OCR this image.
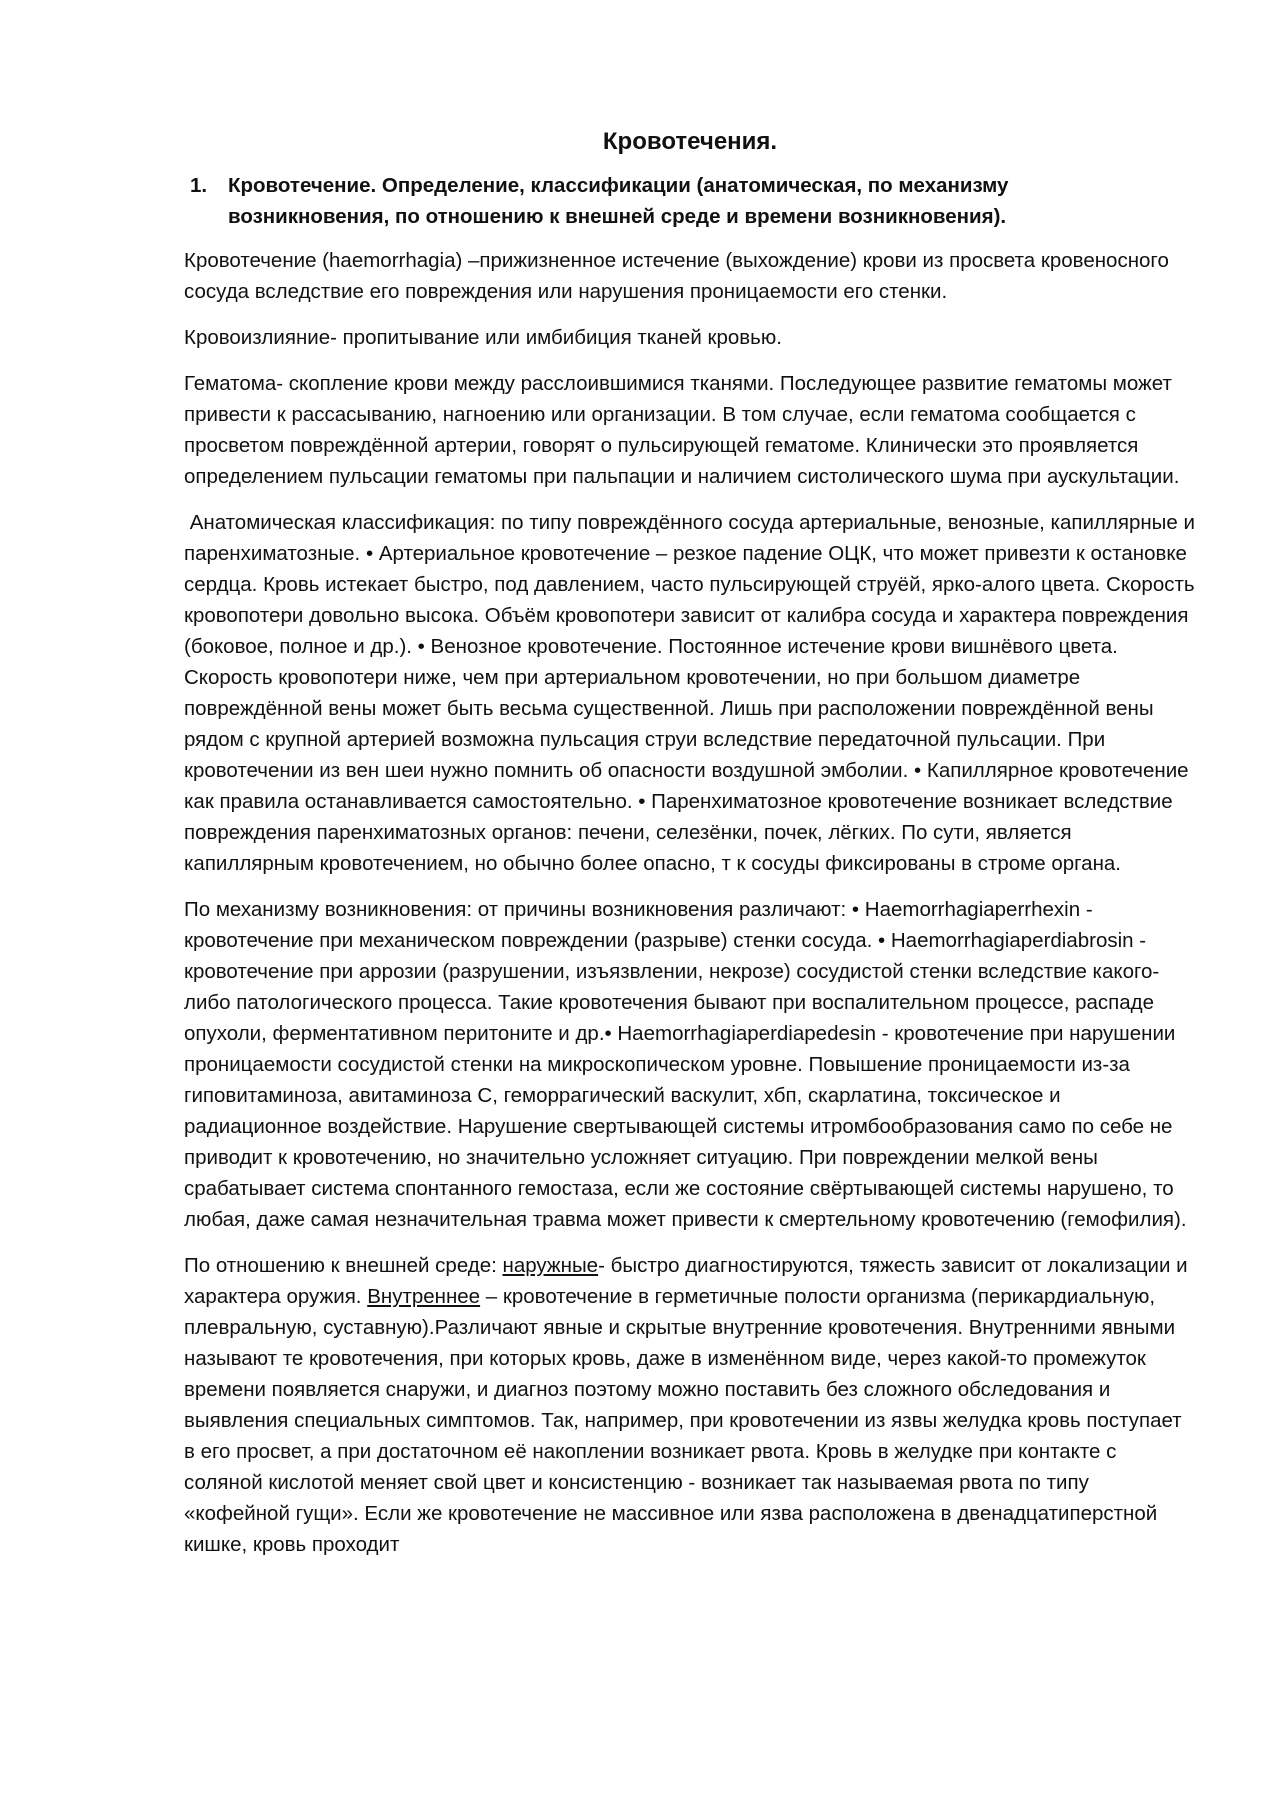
Кровотечения.
1.	Кровотечение. Определение, классификации (анатомическая, по механизму возникновения, по отношению к внешней среде и времени возникновения).

Кровотечение (haemorrhagia) –прижизненное истечение (выхождение) крови из просвета кровеносного сосуда вследствие его повреждения или нарушения проницаемости его стенки.

Кровоизлияние- пропитывание или имбибиция тканей кровью.

Гематома- скопление крови между расслоившимися тканями. Последующее развитие гематомы может привести к рассасыванию, нагноению или организации. В том случае, если гематома сообщается с просветом повреждённой артерии, говорят о пульсирующей гематоме. Клинически это проявляется определением пульсации гематомы при пальпации и наличием систолического шума при аускультации.

Анатомическая классификация: по типу повреждённого сосуда артериальные, венозные, капиллярные и паренхиматозные. • Артериальное кровотечение – резкое падение ОЦК, что может привезти к остановке сердца. Кровь истекает быстро, под давлением, часто пульсирующей струёй, ярко-алого цвета. Скорость кровопотери довольно высока. Объём кровопотери зависит от калибра сосуда и характера повреждения (боковое, полное и др.). • Венозное кровотечение. Постоянное истечение крови вишнёвого цвета. Скорость кровопотери ниже, чем при артериальном кровотечении, но при большом диаметре повреждённой вены может быть весьма существенной. Лишь при расположении повреждённой вены рядом с крупной артерией возможна пульсация струи вследствие передаточной пульсации. При кровотечении из вен шеи нужно помнить об опасности воздушной эмболии. • Капиллярное кровотечение как правила останавливается самостоятельно. • Паренхиматозное кровотечение возникает вследствие повреждения паренхиматозных органов: печени, селезёнки, почек, лёгких. По сути, является капиллярным кровотечением, но обычно более опасно, т к сосуды фиксированы в строме органа.

По механизму возникновения: от причины возникновения различают: • Haemorrhagiaperrhexin - кровотечение при механическом повреждении (разрыве) стенки сосуда. • Haemorrhagiaperdiabrosin - кровотечение при аррозии (разрушении, изъязвлении, некрозе) сосудистой стенки вследствие какого-либо патологического процесса. Такие кровотечения бывают при воспалительном процессе, распаде опухоли, ферментативном перитоните и др.• Haemorrhagiaperdiapedesin - кровотечение при нарушении проницаемости сосудистой стенки на микроскопическом уровне. Повышение проницаемости из-за гиповитаминоза, авитаминоза С, геморрагический васкулит, хбп, скарлатина, токсическое и радиационное воздействие. Нарушение свертывающей системы итромбообразования само по себе не приводит к кровотечению, но значительно усложняет ситуацию. При повреждении мелкой вены срабатывает система спонтанного гемостаза, если же состояние свёртывающей системы нарушено, то любая, даже самая незначительная травма может привести к смертельному кровотечению (гемофилия).

По отношению к внешней среде: наружные- быстро диагностируются, тяжесть зависит от локализации и характера оружия. Внутреннее – кровотечение в герметичные полости организма (перикардиальную, плевральную, суставную).Различают явные и скрытые внутренние кровотечения. Внутренними явными называют те кровотечения, при которых кровь, даже в изменённом виде, через какой-то промежуток времени появляется снаружи, и диагноз поэтому можно поставить без сложного обследования и выявления специальных симптомов. Так, например, при кровотечении из язвы желудка кровь поступает в его просвет, а при достаточном её накоплении возникает рвота. Кровь в желудке при контакте с соляной кислотой меняет свой цвет и консистенцию - возникает так называемая рвота по типу «кофейной гущи». Если же кровотечение не массивное или язва расположена в двенадцатиперстной кишке, кровь проходит
